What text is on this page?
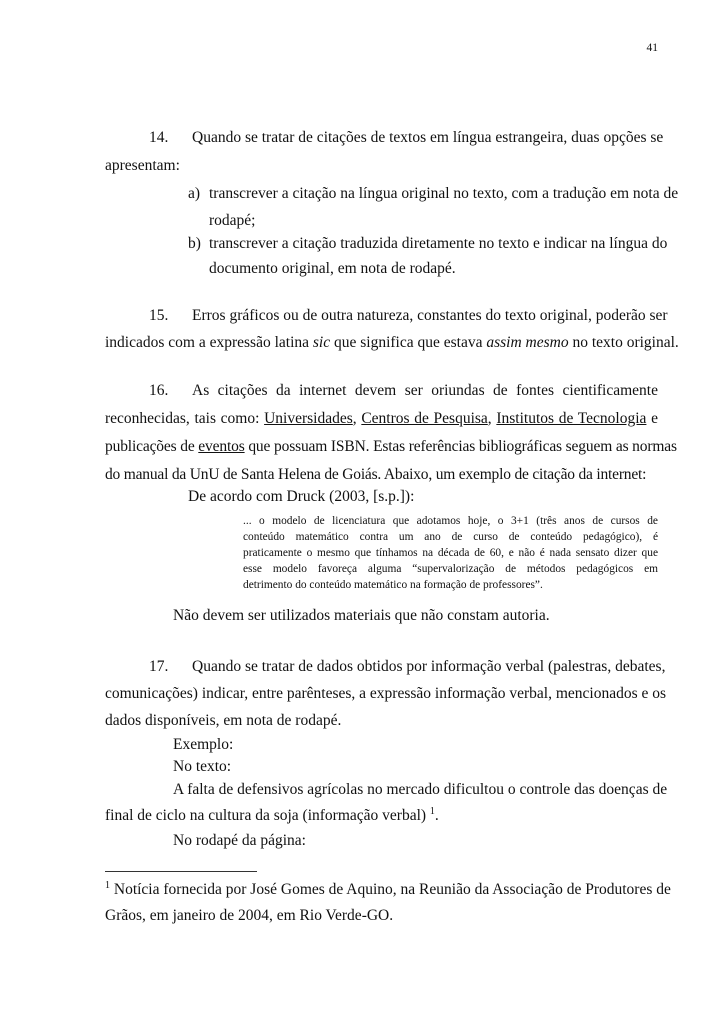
41
14. Quando se tratar de citações de textos em língua estrangeira, duas opções se
apresentam:
a) transcrever a citação na língua original no texto, com a tradução em nota de
rodapé;
b) transcrever a citação traduzida diretamente no texto e indicar na língua do
documento original, em nota de rodapé.
15. Erros gráficos ou de outra natureza, constantes do texto original, poderão ser
indicados com a expressão latina sic que significa que estava assim mesmo no texto original.
16. As citações da internet devem ser oriundas de fontes cientificamente
reconhecidas, tais como: Universidades, Centros de Pesquisa, Institutos de Tecnologia e
publicações de eventos que possuam ISBN. Estas referências bibliográficas seguem as normas
do manual da UnU de Santa Helena de Goiás. Abaixo, um exemplo de citação da internet:
De acordo com Druck (2003, [s.p.]):
... o modelo de licenciatura que adotamos hoje, o 3+1 (três anos de cursos de
conteúdo matemático contra um ano de curso de conteúdo pedagógico), é
praticamente o mesmo que tínhamos na década de 60, e não é nada sensato dizer que
esse modelo favoreça alguma “supervalorização de métodos pedagógicos em
detrimento do conteúdo matemático na formação de professores”.
Não devem ser utilizados materiais que não constam autoria.
17. Quando se tratar de dados obtidos por informação verbal (palestras, debates,
comunicações) indicar, entre parênteses, a expressão informação verbal, mencionados e os
dados disponíveis, em nota de rodapé.
Exemplo:
No texto:
A falta de defensivos agrícolas no mercado dificultou o controle das doenças de
final de ciclo na cultura da soja (informação verbal) $^1$.
No rodapé da página:
$^1$ Notícia fornecida por José Gomes de Aquino, na Reunião da Associação de Produtores de
Grãos, em janeiro de 2004, em Rio Verde-GO.
